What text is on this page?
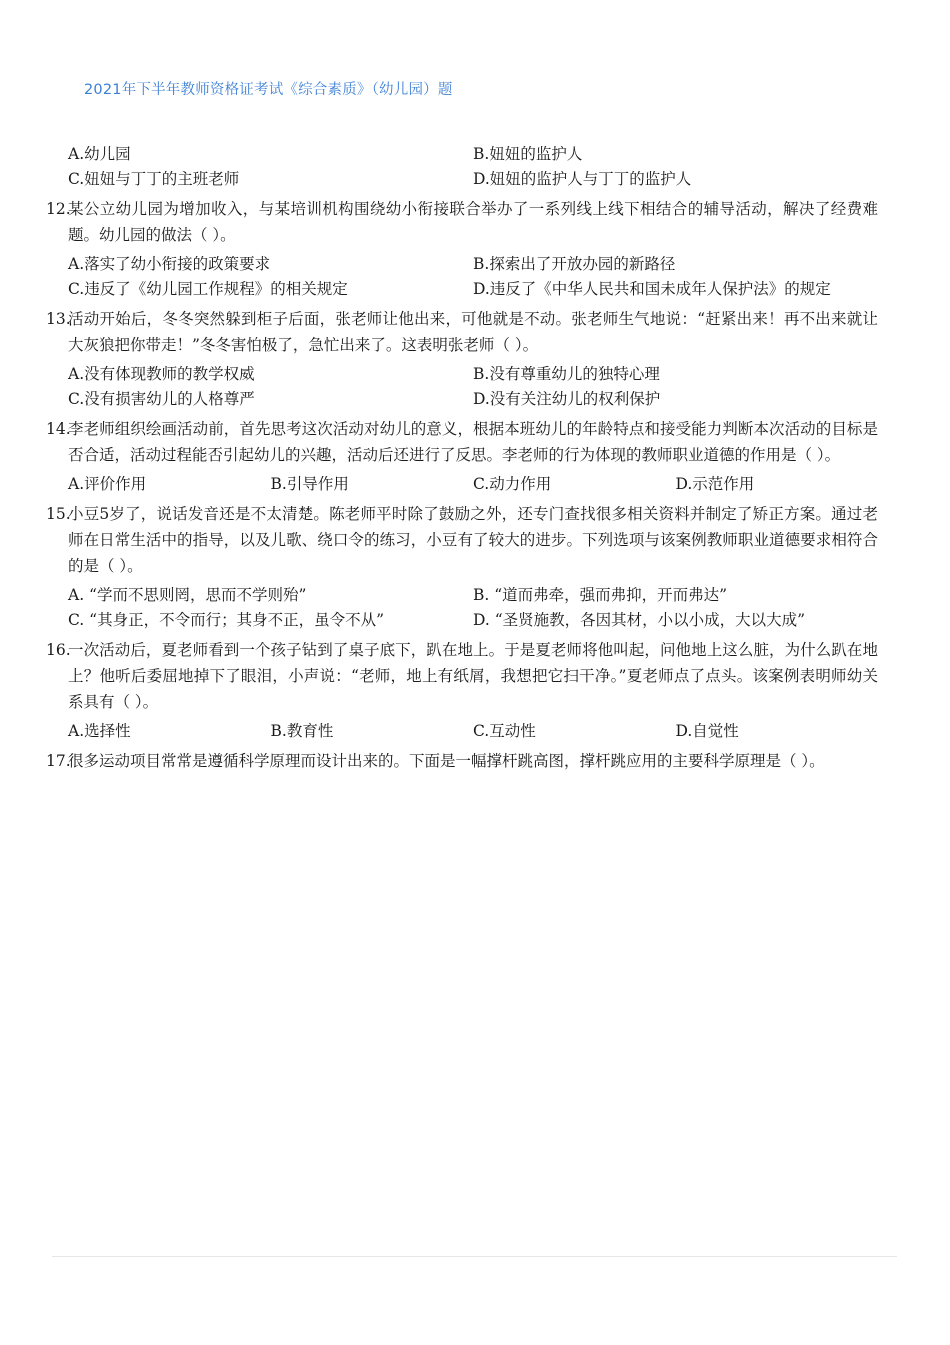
2021年下半年教师资格证考试《综合素质》（幼儿园）题
A.幼儿园	B.妞妞的监护人
C.妞妞与丁丁的主班老师	D.妞妞的监护人与丁丁的监护人
12.
某公立幼儿园为增加收入，与某培训机构围绕幼小衔接联合举办了一系列线上线下相结合的辅导活动，解决了经费难题。幼儿园的做法（ ）。
A.落实了幼小衔接的政策要求	B.探索出了开放办园的新路径
C.违反了《幼儿园工作规程》的相关规定	D.违反了《中华人民共和国未成年人保护法》的规定
13.
活动开始后，冬冬突然躲到柜子后面，张老师让他出来，可他就是不动。张老师生气地说：“赶紧出来！再不出来就让大灰狼把你带走！”冬冬害怕极了，急忙出来了。这表明张老师（ ）。
A.没有体现教师的教学权威	B.没有尊重幼儿的独特心理
C.没有损害幼儿的人格尊严	D.没有关注幼儿的权利保护
14.
李老师组织绘画活动前，首先思考这次活动对幼儿的意义，根据本班幼儿的年龄特点和接受能力判断本次活动的目标是否合适，活动过程能否引起幼儿的兴趣，活动后还进行了反思。李老师的行为体现的教师职业道德的作用是（ ）。
A.评价作用	B.引导作用	C.动力作用	D.示范作用
15.
小豆5岁了，说话发音还是不太清楚。陈老师平时除了鼓励之外，还专门查找很多相关资料并制定了矫正方案。通过老师在日常生活中的指导，以及儿歌、绕口令的练习，小豆有了较大的进步。下列选项与该案例教师职业道德要求相符合的是（ ）。
A. “学而不思则罔，思而不学则殆”	B. “道而弗牵，强而弗抑，开而弗达”
C. “其身正，不令而行；其身不正，虽令不从”	D. “圣贤施教，各因其材，小以小成，大以大成”
16.
一次活动后，夏老师看到一个孩子钻到了桌子底下，趴在地上。于是夏老师将他叫起，问他地上这么脏，为什么趴在地上？他听后委屈地掉下了眼泪，小声说：“老师，地上有纸屑，我想把它扫干净。”夏老师点了点头。该案例表明师幼关系具有（ ）。
A.选择性	B.教育性	C.互动性	D.自觉性
17.
很多运动项目常常是遵循科学原理而设计出来的。下面是一幅撑杆跳高图，撑杆跳应用的主要科学原理是（ ）。
